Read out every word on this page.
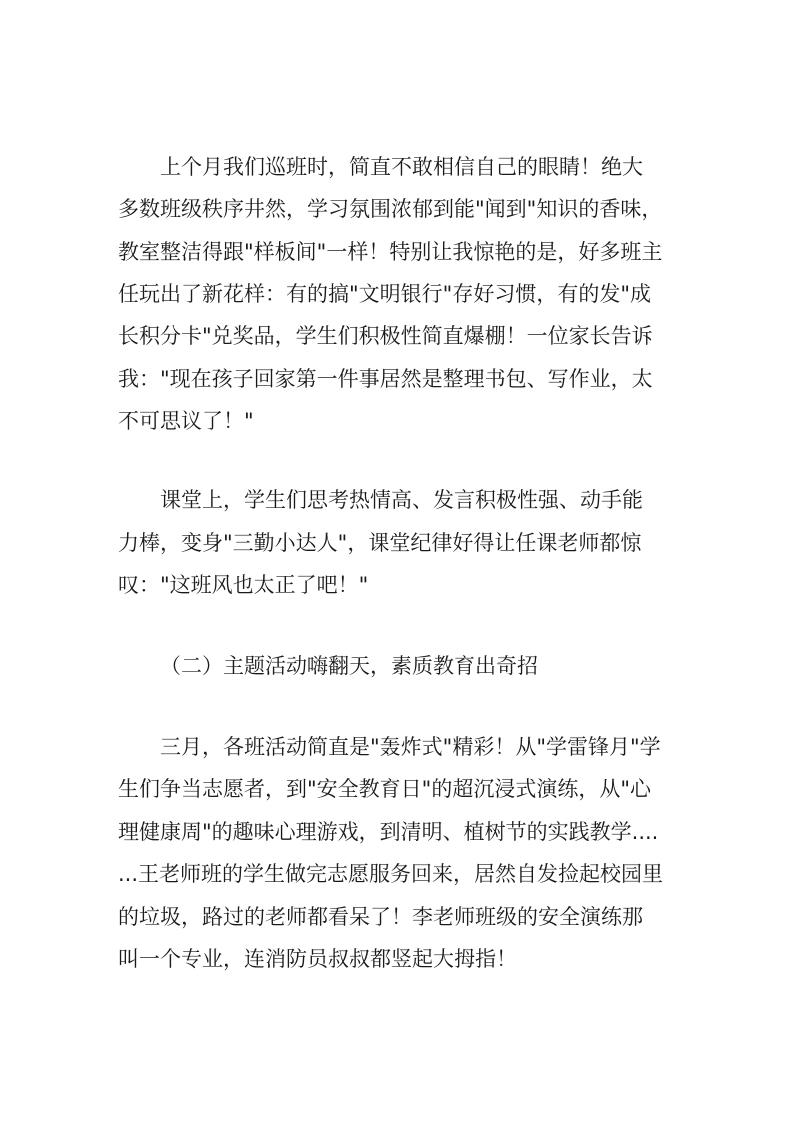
上个月我们巡班时，简直不敢相信自己的眼睛！绝大
多数班级秩序井然，学习氛围浓郁到能"闻到"知识的香味，
教室整洁得跟"样板间"一样！特别让我惊艳的是，好多班主
任玩出了新花样：有的搞"文明银行"存好习惯，有的发"成
长积分卡"兑奖品，学生们积极性简直爆棚！一位家长告诉
我："现在孩子回家第一件事居然是整理书包、写作业，太
不可思议了！"
课堂上，学生们思考热情高、发言积极性强、动手能
力棒，变身"三勤小达人"，课堂纪律好得让任课老师都惊
叹："这班风也太正了吧！"
（二）主题活动嗨翻天，素质教育出奇招
三月，各班活动简直是"轰炸式"精彩！从"学雷锋月"学
生们争当志愿者，到"安全教育日"的超沉浸式演练，从"心
理健康周"的趣味心理游戏，到清明、植树节的实践教学....
...王老师班的学生做完志愿服务回来，居然自发捡起校园里
的垃圾，路过的老师都看呆了！李老师班级的安全演练那
叫一个专业，连消防员叔叔都竖起大拇指！
